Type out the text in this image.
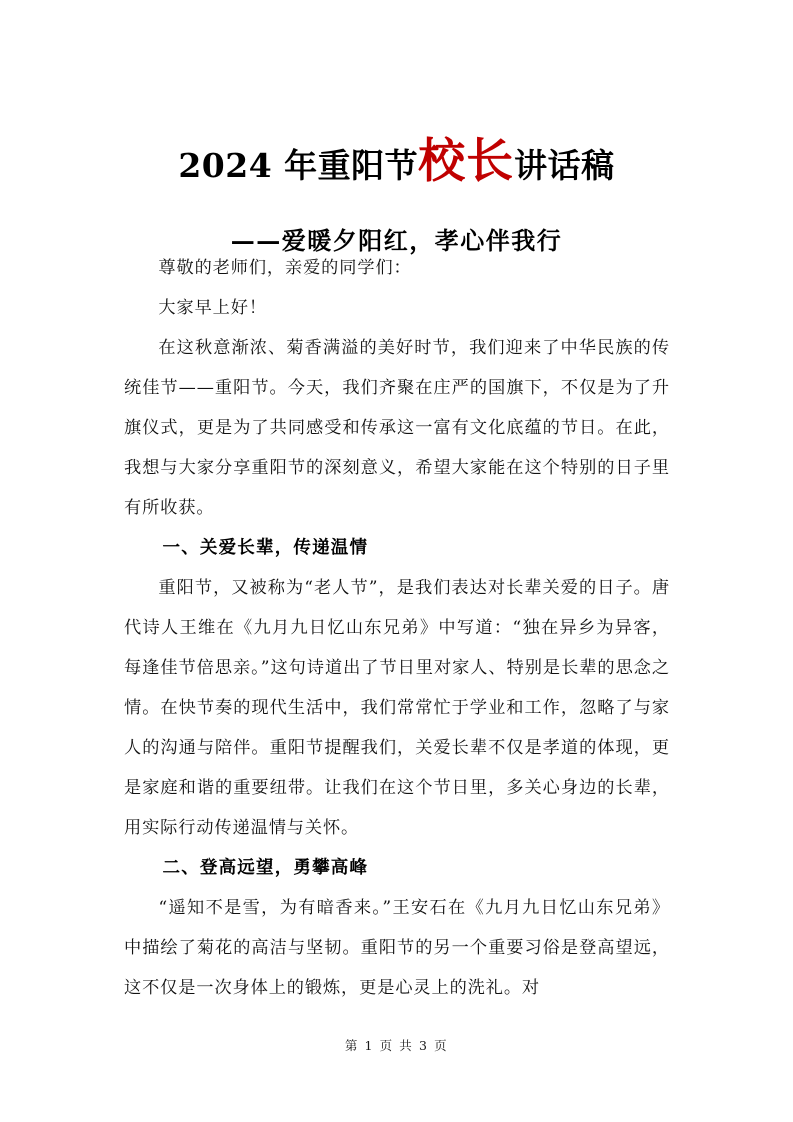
2024 年重阳节校长讲话稿
——爱暖夕阳红，孝心伴我行

尊敬的老师们，亲爱的同学们：

大家早上好！

在这秋意渐浓、菊香满溢的美好时节，我们迎来了中华民族的传统佳节——重阳节。今天，我们齐聚在庄严的国旗下，不仅是为了升旗仪式，更是为了共同感受和传承这一富有文化底蕴的节日。在此，我想与大家分享重阳节的深刻意义，希望大家能在这个特别的日子里有所收获。

一、关爱长辈，传递温情

重阳节，又被称为“老人节”，是我们表达对长辈关爱的日子。唐代诗人王维在《九月九日忆山东兄弟》中写道：“独在异乡为异客，每逢佳节倍思亲。”这句诗道出了节日里对家人、特别是长辈的思念之情。在快节奏的现代生活中，我们常常忙于学业和工作，忽略了与家人的沟通与陪伴。重阳节提醒我们，关爱长辈不仅是孝道的体现，更是家庭和谐的重要纽带。让我们在这个节日里，多关心身边的长辈，用实际行动传递温情与关怀。

二、登高远望，勇攀高峰

“遥知不是雪，为有暗香来。”王安石在《九月九日忆山东兄弟》中描绘了菊花的高洁与坚韧。重阳节的另一个重要习俗是登高望远，这不仅是一次身体上的锻炼，更是心灵上的洗礼。对

第 1 页 共 3 页
